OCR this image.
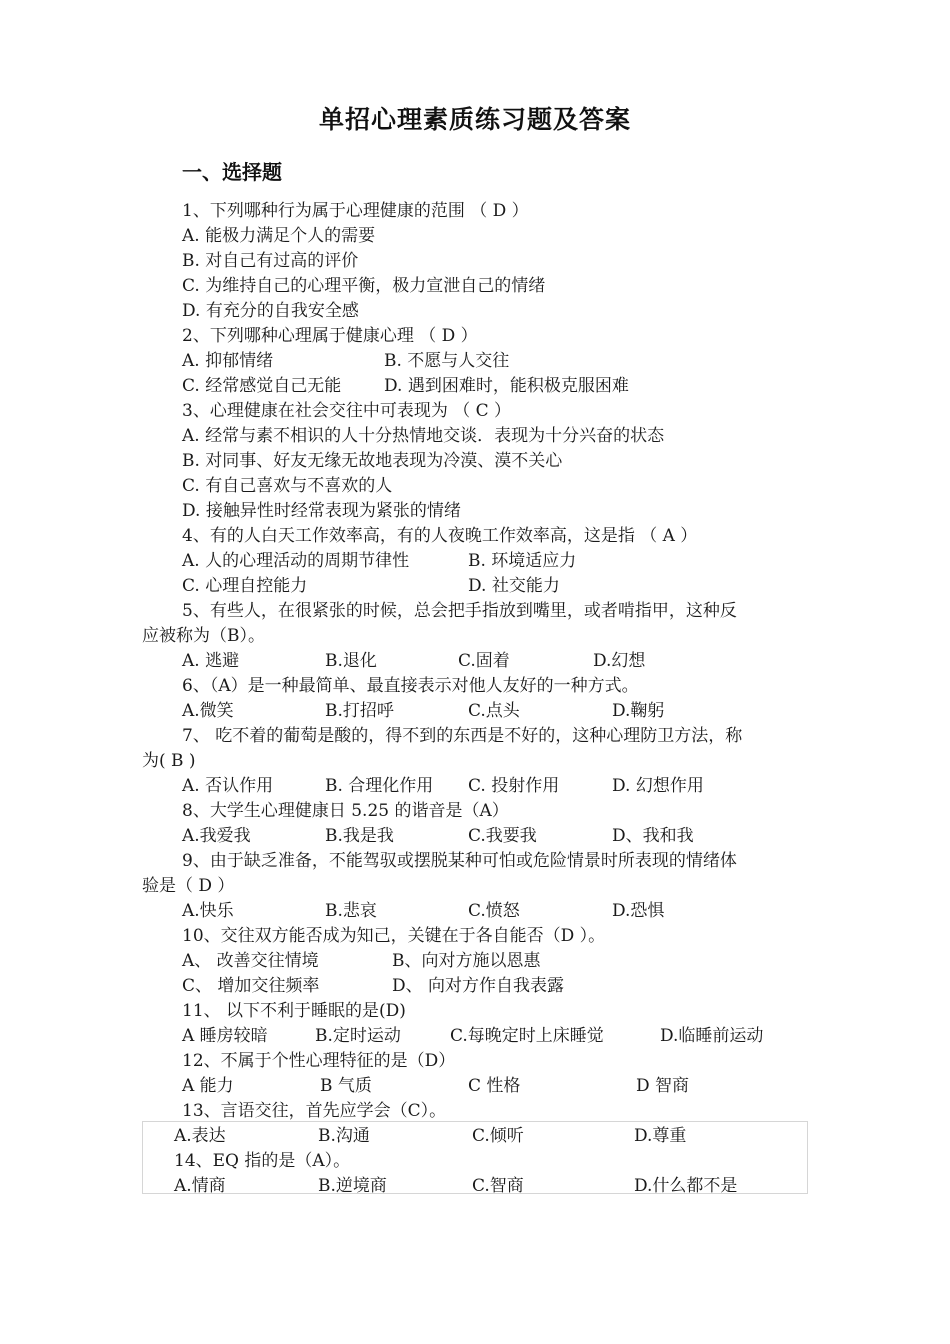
单招心理素质练习题及答案
一、选择题
1、下列哪种行为属于心理健康的范围 （ D ）
A. 能极力满足个人的需要
B. 对自己有过高的评价
C. 为维持自己的心理平衡，极力宣泄自己的情绪
D. 有充分的自我安全感
2、下列哪种心理属于健康心理 （ D ）
A. 抑郁情绪	B. 不愿与人交往
C. 经常感觉自己无能	D. 遇到困难时，能积极克服困难
3、心理健康在社会交往中可表现为 （ C ）
A. 经常与素不相识的人十分热情地交谈．表现为十分兴奋的状态
B. 对同事、好友无缘无故地表现为冷漠、漠不关心
C. 有自己喜欢与不喜欢的人
D. 接触异性时经常表现为紧张的情绪
4、有的人白天工作效率高，有的人夜晚工作效率高，这是指 （ A ）
A. 人的心理活动的周期节律性	B. 环境适应力
C. 心理自控能力	D. 社交能力
5、有些人，在很紧张的时候，总会把手指放到嘴里，或者啃指甲，这种反
应被称为（B）。
A. 逃避	B.退化	C.固着	D.幻想
6、（A）是一种最简单、最直接表示对他人友好的一种方式。
A.微笑	B.打招呼	C.点头	D.鞠躬
7、 吃不着的葡萄是酸的，得不到的东西是不好的，这种心理防卫方法，称
为( B )
A. 否认作用	B. 合理化作用 C. 投射作用	D. 幻想作用
8、大学生心理健康日 5.25 的谐音是（A）
A.我爱我	B.我是我	C.我要我	D、我和我
9、由于缺乏准备，不能驾驭或摆脱某种可怕或危险情景时所表现的情绪体
验是（ D ）
A.快乐	B.悲哀	C.愤怒	D.恐惧
10、交往双方能否成为知己，关键在于各自能否（D ）。
A、 改善交往情境	B、向对方施以恩惠
C、 增加交往频率	D、 向对方作自我表露
11、 以下不利于睡眠的是(D)
A 睡房较暗	B.定时运动	C.每晚定时上床睡觉	D.临睡前运动
12、不属于个性心理特征的是（D）
A 能力	B 气质	C 性格	D 智商
13、言语交往，首先应学会（C）。
A.表达	B.沟通	C.倾听	D.尊重
14、EQ 指的是（A）。
A.情商	B.逆境商	C.智商	D.什么都不是
